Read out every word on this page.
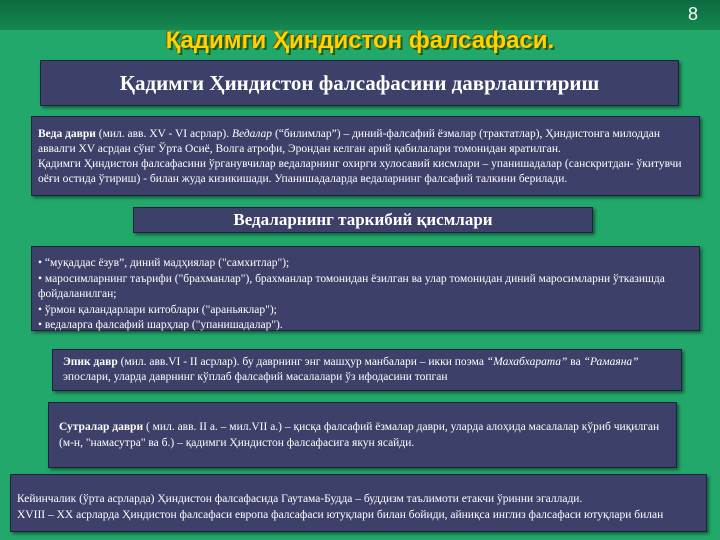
8
Қадимги Ҳиндистон фалсафаси.
Қадимги Ҳиндистон фалсафасини даврлаштириш
Веда даври (мил. авв. XV - VI асрлар). Ведалар (“билимлар”) – диний-фалсафий ёзмалар (трактатлар), Ҳиндистонга милоддан аввалги XV асрдан сўнг Ўрта Осиё, Волга атрофи, Эрондан келган арий қабилалари томонидан яратилган.
Қадимги Ҳиндистон фалсафасини ўрганувчилар ведаларнинг охирги хулосавий кисмлари – упанишадалар (санскритдан- ўкитувчи оёғи остида ўтириш) - билан жуда кизикишади. Упанишадаларда ведаларнинг фалсафий талкини берилади.
Ведаларнинг таркибий қисмлари

• “муқаддас ёзув”, диний мадҳиялар ("самхитлар");

• маросимларнинг таърифи ("брахманлар"), брахманлар томонидан ёзилган ва улар томонидан диний маросимларни ўтказишда фойдаланилган;

• ўрмон қаландарлари китоблари ("араньяклар");

• ведаларга фалсафий шарҳлар ("упанишадалар").

Эпик давр (мил. авв.VI - II асрлар). бу даврнинг энг машҳур манбалари – икки поэма “Махабхарата” ва “Рамаяна” эпослари, уларда даврнинг кўплаб фалсафий масалалари ўз ифодасини топган
Сутралар даври ( мил. авв. II а. – мил.VII а.) – қисқа фалсафий ёзмалар даври, уларда алоҳида масалалар кўриб чиқилган (м-н, "намасутра" ва б.) – қадимги Ҳиндистон фалсафасига якун ясайди.
Кейинчалик (ўрта асрларда) Ҳиндистон фалсафасида Гаутама-Будда – буддизм таълимоти етакчи ўринни эгаллади.
XVIII – XX асрларда Ҳиндистон фалсафаси европа фалсафаси ютуқлари билан бойиди, айниқса инглиз фалсафаси ютуқлари билан
